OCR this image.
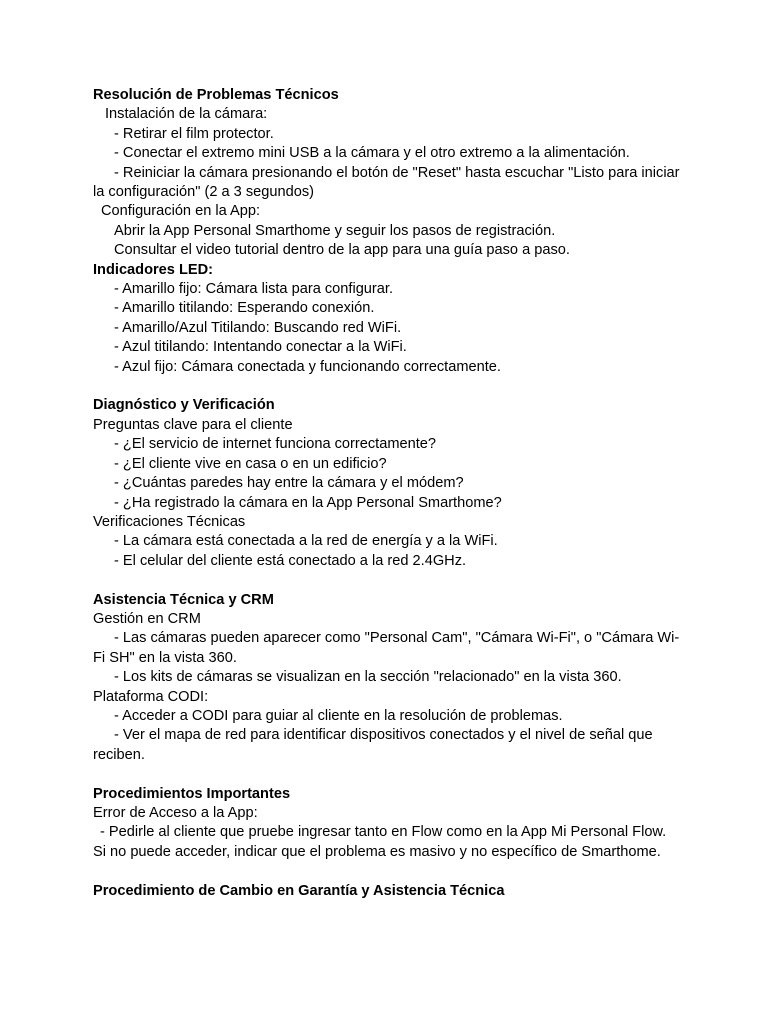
Resolución de Problemas Técnicos
Instalación de la cámara:
- Retirar el film protector.
- Conectar el extremo mini USB a la cámara y el otro extremo a la alimentación.
- Reiniciar la cámara presionando el botón de "Reset" hasta escuchar "Listo para iniciar la configuración" (2 a 3 segundos)
Configuración en la App:
Abrir la App Personal Smarthome y seguir los pasos de registración.
Consultar el video tutorial dentro de la app para una guía paso a paso.
Indicadores LED:
- Amarillo fijo: Cámara lista para configurar.
- Amarillo titilando: Esperando conexión.
- Amarillo/Azul Titilando: Buscando red WiFi.
- Azul titilando: Intentando conectar a la WiFi.
- Azul fijo: Cámara conectada y funcionando correctamente.
Diagnóstico y Verificación
Preguntas clave para el cliente
- ¿El servicio de internet funciona correctamente?
- ¿El cliente vive en casa o en un edificio?
- ¿Cuántas paredes hay entre la cámara y el módem?
- ¿Ha registrado la cámara en la App Personal Smarthome?
Verificaciones Técnicas
- La cámara está conectada a la red de energía y a la WiFi.
- El celular del cliente está conectado a la red 2.4GHz.
Asistencia Técnica y CRM
Gestión en CRM
- Las cámaras pueden aparecer como "Personal Cam", "Cámara Wi-Fi", o "Cámara Wi-Fi SH" en la vista 360.
- Los kits de cámaras se visualizan en la sección "relacionado" en la vista 360.
Plataforma CODI:
- Acceder a CODI para guiar al cliente en la resolución de problemas.
- Ver el mapa de red para identificar dispositivos conectados y el nivel de señal que reciben.
Procedimientos Importantes
Error de Acceso a la App:
- Pedirle al cliente que pruebe ingresar tanto en Flow como en la App Mi Personal Flow. Si no puede acceder, indicar que el problema es masivo y no específico de Smarthome.
Procedimiento de Cambio en Garantía y Asistencia Técnica
